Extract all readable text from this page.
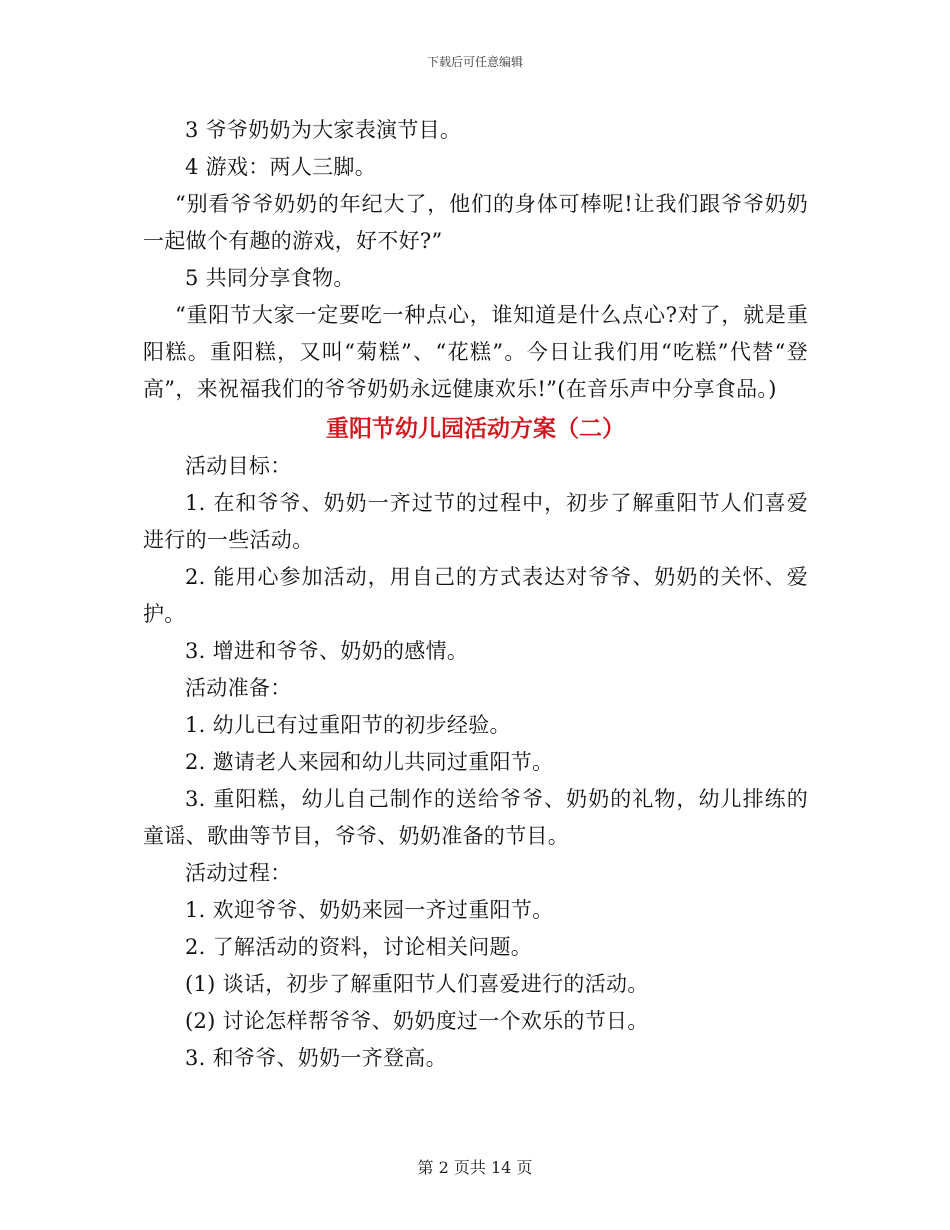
下载后可任意编辑

3 爷爷奶奶为大家表演节目。

4 游戏：两人三脚。

“别看爷爷奶奶的年纪大了，他们的身体可棒呢!让我们跟爷爷奶奶一起做个有趣的游戏，好不好?”

5 共同分享食物。

“重阳节大家一定要吃一种点心，谁知道是什么点心?对了，就是重阳糕。重阳糕，又叫“菊糕”、“花糕”。今日让我们用“吃糕”代替“登高”，来祝福我们的爷爷奶奶永远健康欢乐!”(在音乐声中分享食品。)

重阳节幼儿园活动方案（二）

活动目标：

1. 在和爷爷、奶奶一齐过节的过程中，初步了解重阳节人们喜爱进行的一些活动。

2. 能用心参加活动，用自己的方式表达对爷爷、奶奶的关怀、爱护。

3. 增进和爷爷、奶奶的感情。

活动准备：

1. 幼儿已有过重阳节的初步经验。

2. 邀请老人来园和幼儿共同过重阳节。

3. 重阳糕，幼儿自己制作的送给爷爷、奶奶的礼物，幼儿排练的童谣、歌曲等节目，爷爷、奶奶准备的节目。

活动过程：

1. 欢迎爷爷、奶奶来园一齐过重阳节。

2. 了解活动的资料，讨论相关问题。

(1) 谈话，初步了解重阳节人们喜爱进行的活动。

(2) 讨论怎样帮爷爷、奶奶度过一个欢乐的节日。

3. 和爷爷、奶奶一齐登高。

第 2 页共 14 页
